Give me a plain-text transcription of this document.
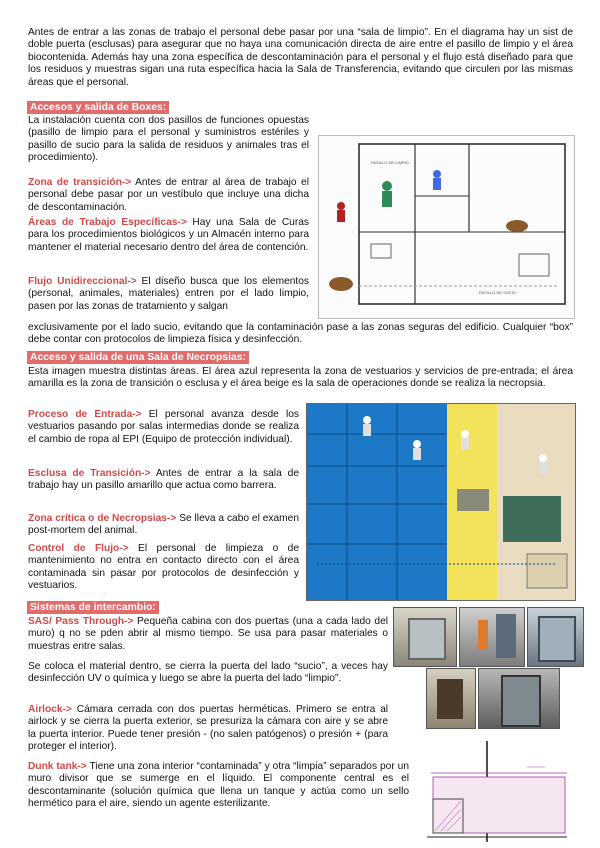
Antes de entrar a las zonas de trabajo el personal debe pasar por una “sala de limpio”. En el diagrama hay un sist de doble puerta (esclusas) para asegurar que no haya una comunicación directa de aire entre el pasillo de limpio y el área biocontenida. Además hay una zona específica de descontaminación para el personal y el flujo está diseñado para que los residuos y muestras sigan una ruta específica hacia la Sala de Transferencia, evitando que circulen por las mismas áreas que el personal.

Accesos y salida de Boxes:

La instalación cuenta con dos pasillos de funciones opuestas (pasillo de limpio para el personal y suministros estériles y pasillo de sucio para la salida de residuos y animales tras el procedimiento).

Zona de transición-> Antes de entrar al área de trabajo el personal debe pasar por un vestíbulo que incluye una dicha de descontaminación.

Áreas de Trabajo Específicas-> Hay una Sala de Curas para los procedimientos biológicos y un Almacén interno para mantener el material necesario dentro del área de contención.

Flujo Unidireccional-> El diseño busca que los elementos (personal, animales, materiales) entren por el lado limpio, pasen por las zonas de tratamiento y salgan

exclusivamente por el lado sucio, evitando que la contaminación pase a las zonas seguras del edificio. Cualquier “box” debe contar con protocolos de limpieza física y desinfección.

PASILLO DE LIMPIO
PASILLO DE SUCIO
Acceso y salida de una Sala de Necropsias:

Esta imagen muestra distintas áreas. El área azul representa la zona de vestuarios y servicios de pre-entrada; el área amarilla es la zona de transición o esclusa y el área beige es la sala de operaciones donde se realiza la necropsia.

Proceso de Entrada-> El personal avanza desde los vestuarios pasando por salas intermedias donde se realiza el cambio de ropa al EPI (Equipo de protección individual).

Esclusa de Transición-> Antes de entrar a la sala de trabajo hay un pasillo amarillo que actua como barrera.

Zona crítica o de Necropsias-> Se lleva a cabo el examen post-mortem del animal.

Control de Flujo-> El personal de limpieza o de mantenimiento no entra en contacto directo con el área contaminada sin pasar por protocolos de desinfección y vestuarios.

Sistemas de intercambio:

SAS/ Pass Through-> Pequeña cabina con dos puertas (una a cada lado del muro) q no se pden abrir al mismo tiempo. Se usa para pasar materiales o muestras entre salas.

Se coloca el material dentro, se cierra la puerta del lado “sucio”, a veces hay desinfección UV o química y luego se abre la puerta del lado “limpio”.

Airlock-> Cámara cerrada con dos puertas herméticas. Primero se entra al airlock y se cierra la puerta exterior, se presuriza la cámara con aire y se abre la puerta interior. Puede tener presión - (no salen patógenos) o presión + (para proteger el interior).

Dunk tank-> Tiene una zona interior “contaminada” y otra “limpia” separados por un muro divisor que se sumerge en el líquido. El componente central es el descontaminante (solución química que llena un tanque y actúa como un sello hermético para el aire, siendo un agente esterilizante.
